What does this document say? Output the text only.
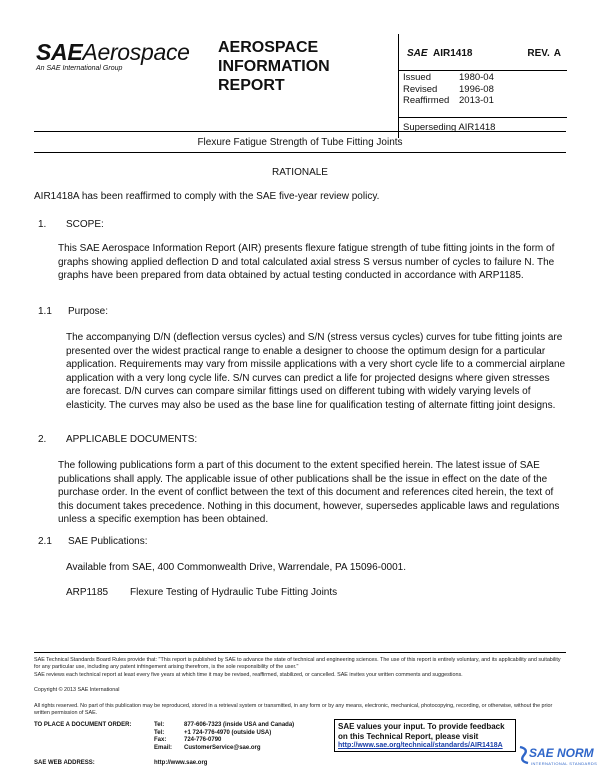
SAEAerospace
An SAE International Group
AEROSPACE
INFORMATION
REPORT
SAE AIR1418	REV. A
Issued	1980-04
Revised	1996-08
Reaffirmed	2013-01
Superseding AIR1418
Flexure Fatigue Strength of Tube Fitting Joints
RATIONALE
AIR1418A has been reaffirmed to comply with the SAE five-year review policy.
1. SCOPE:
This SAE Aerospace Information Report (AIR) presents flexure fatigue strength of tube fitting joints in the form of graphs showing applied deflection D and total calculated axial stress S versus number of cycles to failure N. The graphs have been prepared from data obtained by actual testing conducted in accordance with ARP1185.
1.1 Purpose:
The accompanying D/N (deflection versus cycles) and S/N (stress versus cycles) curves for tube fitting joints are presented over the widest practical range to enable a designer to choose the optimum design for a particular application. Requirements may vary from missile applications with a very short cycle life to a commercial airplane application with a very long cycle life. S/N curves can predict a life for projected designs where given stresses are forecast. D/N curves can compare similar fittings used on different tubing with widely varying levels of elasticity. The curves may also be used as the base line for qualification testing of alternate fitting joint designs.
2. APPLICABLE DOCUMENTS:
The following publications form a part of this document to the extent specified herein. The latest issue of SAE publications shall apply. The applicable issue of other publications shall be the issue in effect on the date of the purchase order. In the event of conflict between the text of this document and references cited herein, the text of this document takes precedence. Nothing in this document, however, supersedes applicable laws and regulations unless a specific exemption has been obtained.
2.1 SAE Publications:
Available from SAE, 400 Commonwealth Drive, Warrendale, PA 15096-0001.
ARP1185	Flexure Testing of Hydraulic Tube Fitting Joints
SAE Technical Standards Board Rules provide that: "This report is published by SAE to advance the state of technical and engineering sciences. The use of this report is entirely voluntary, and its applicability and suitability for any particular use, including any patent infringement arising therefrom, is the sole responsibility of the user."
SAE reviews each technical report at least every five years at which time it may be revised, reaffirmed, stabilized, or cancelled. SAE invites your written comments and suggestions.
Copyright © 2013 SAE International
All rights reserved. No part of this publication may be reproduced, stored in a retrieval system or transmitted, in any form or by any means, electronic, mechanical, photocopying, recording, or otherwise, without the prior written permission of SAE.
TO PLACE A DOCUMENT ORDER:	Tel:	877-606-7323 (inside USA and Canada)
Tel:	+1 724-776-4970 (outside USA)
Fax:	724-776-0790
Email:	CustomerService@sae.org
SAE WEB ADDRESS:	http://www.sae.org
SAE values your input. To provide feedback on this Technical Report, please visit
http://www.sae.org/technical/standards/AIR1418A
SAE NORM
INTERNATIONAL STANDARDS
